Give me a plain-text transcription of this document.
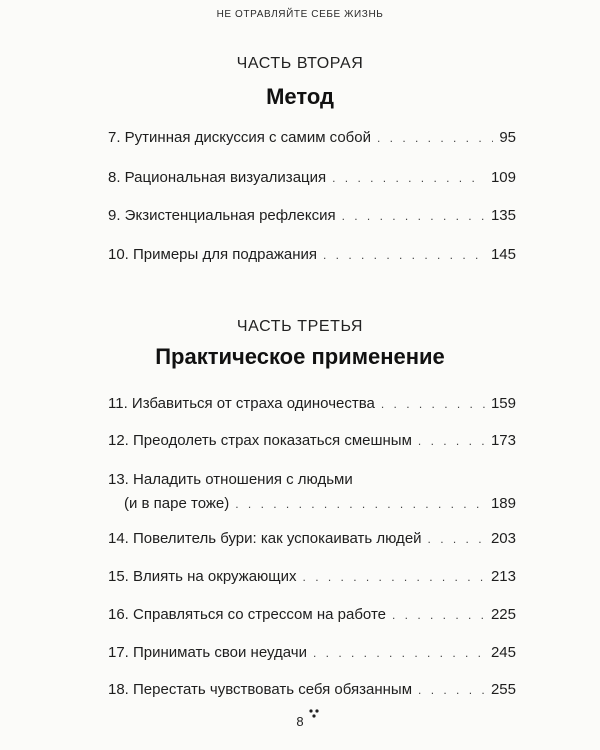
НЕ ОТРАВЛЯЙТЕ СЕБЕ ЖИЗНЬ
ЧАСТЬ ВТОРАЯ
Метод
7. Рутинная дискуссия с самим собой . . .	95
8. Рациональная визуализация . . .	109
9. Экзистенциальная рефлексия . . .	135
10. Примеры для подражания . . .	145
ЧАСТЬ ТРЕТЬЯ
Практическое применение
11. Избавиться от страха одиночества . . .	159
12. Преодолеть страх показаться смешным . . .	173
13. Наладить отношения с людьми
(и в паре тоже) . . .	189
14. Повелитель бури: как успокаивать людей . . .	203
15. Влиять на окружающих . . .	213
16. Справляться со стрессом на работе . . .	225
17. Принимать свои неудачи . . .	245
18. Перестать чувствовать себя обязанным . . .	255
8
